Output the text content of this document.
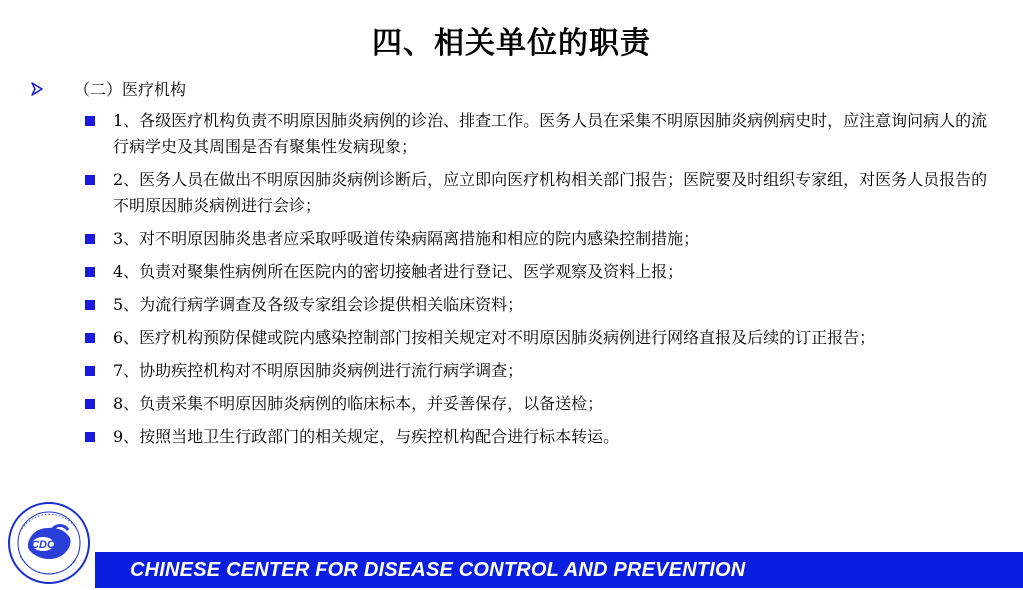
四、相关单位的职责
（二）医疗机构
1、各级医疗机构负责不明原因肺炎病例的诊治、排查工作。医务人员在采集不明原因肺炎病例病史时，应注意询问病人的流行病学史及其周围是否有聚集性发病现象；
2、医务人员在做出不明原因肺炎病例诊断后，应立即向医疗机构相关部门报告；医院要及时组织专家组，对医务人员报告的不明原因肺炎病例进行会诊；
3、对不明原因肺炎患者应采取呼吸道传染病隔离措施和相应的院内感染控制措施；
4、负责对聚集性病例所在医院内的密切接触者进行登记、医学观察及资料上报；
5、为流行病学调查及各级专家组会诊提供相关临床资料；
6、医疗机构预防保健或院内感染控制部门按相关规定对不明原因肺炎病例进行网络直报及后续的订正报告；
7、协助疾控机构对不明原因肺炎病例进行流行病学调查；
8、负责采集不明原因肺炎病例的临床标本，并妥善保存，以备送检；
9、按照当地卫生行政部门的相关规定，与疾控机构配合进行标本转运。
CDC
CHINESE CENTER FOR DISEASE CONTROL AND PREVENTION
